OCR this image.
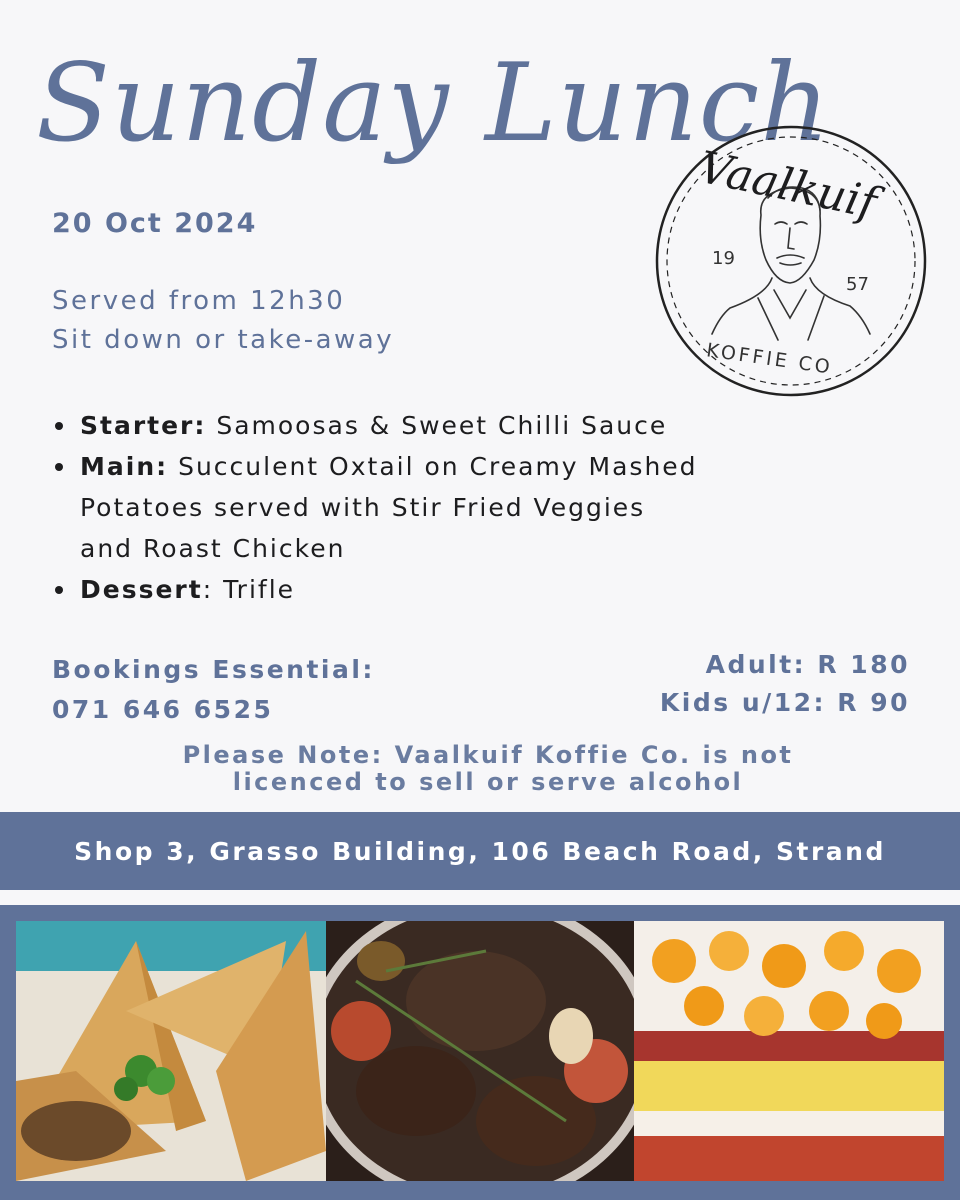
Sunday Lunch
20 Oct 2024
Served from 12h30
Sit down or take-away
Vaalkuif
19
57
KOFFIE CO
Starter: Samoosas & Sweet Chilli Sauce
Main: Succulent Oxtail on Creamy Mashed
Potatoes served with Stir Fried Veggies
and Roast Chicken
Dessert: Trifle
Bookings Essential:
071 646 6525
Adult: R 180
Kids u/12: R 90
Please Note: Vaalkuif Koffie Co. is not
licenced to sell or serve alcohol
Shop 3, Grasso Building, 106 Beach Road, Strand
